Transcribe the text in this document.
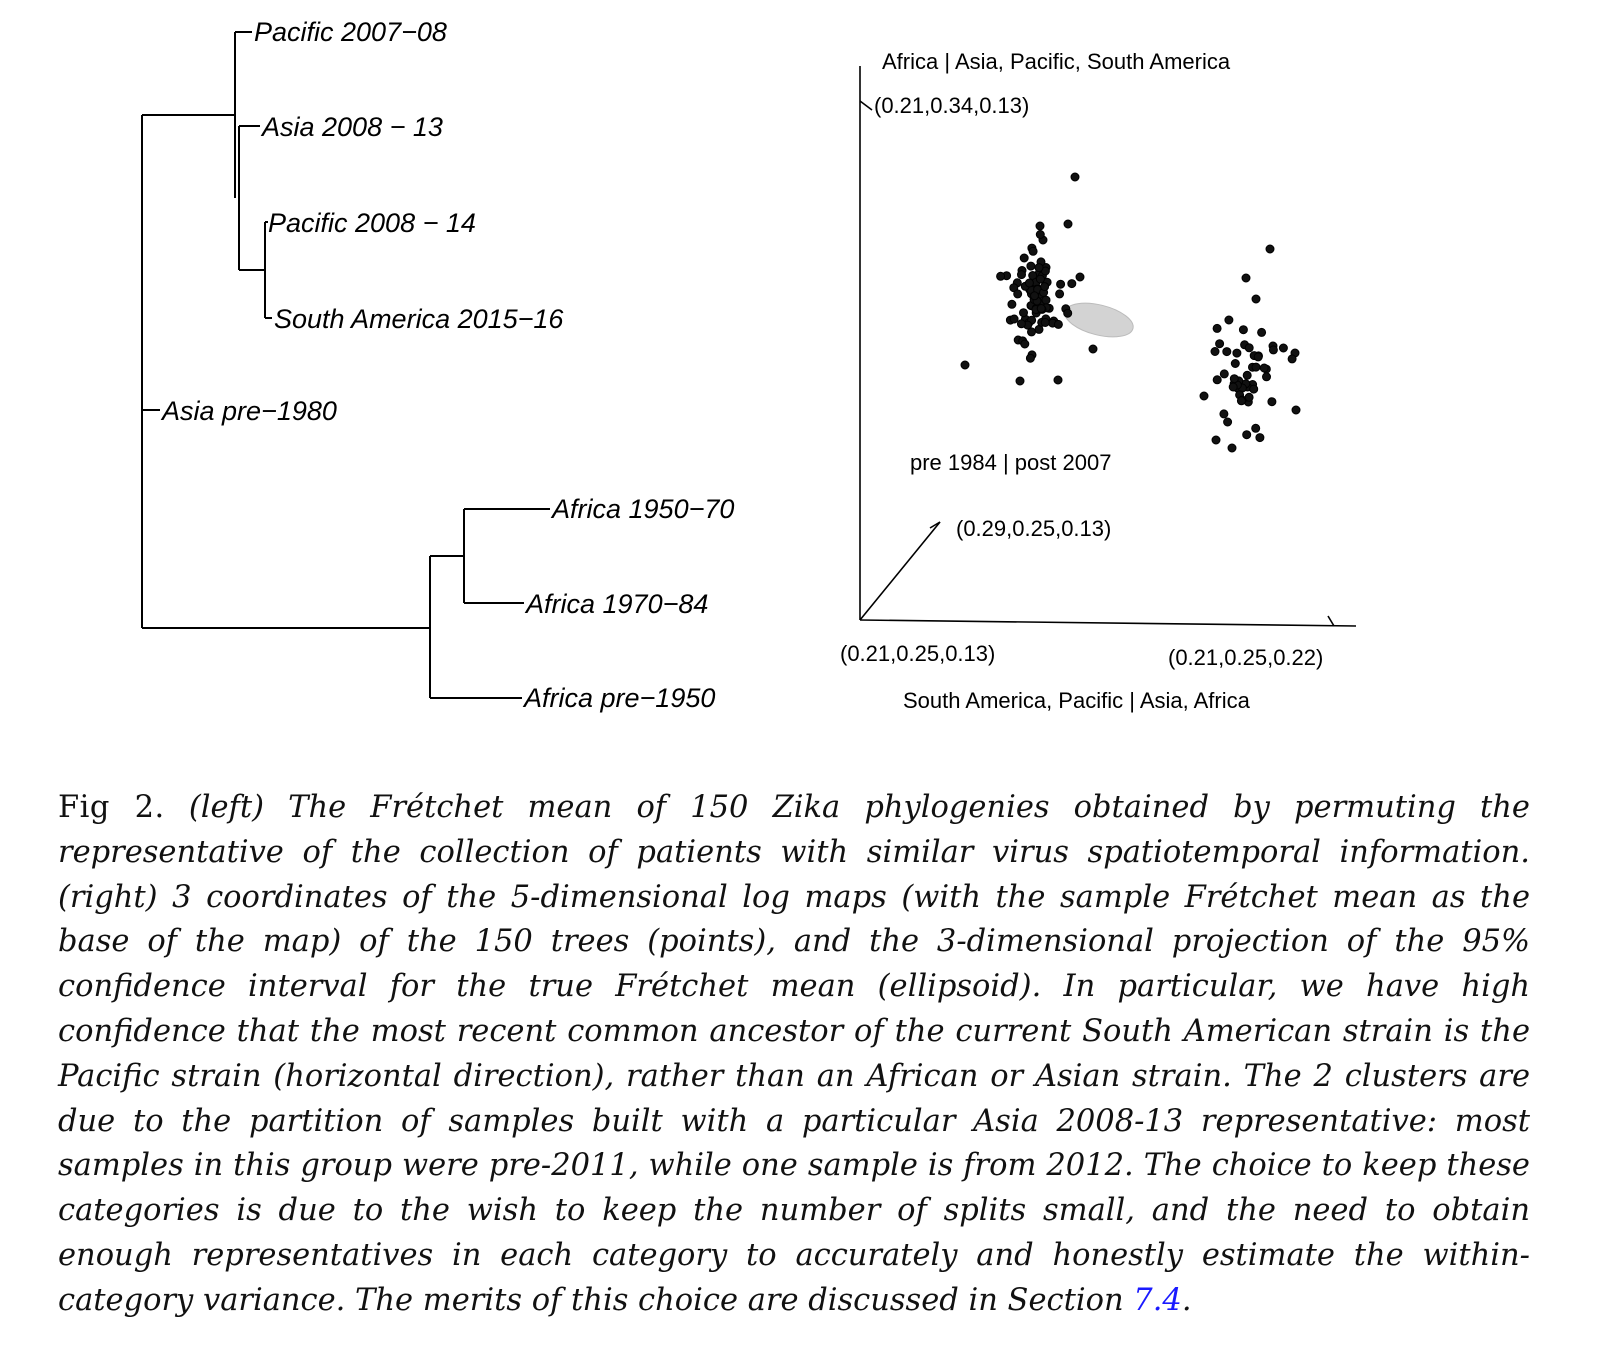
Pacific 2007−08
Asia 2008 − 13
Pacific 2008 − 14
South America 2015−16
Asia pre−1980
Africa 1950−70
Africa 1970−84
Africa pre−1950
Africa | Asia, Pacific, South America
(0.21,0.34,0.13)
pre 1984 | post 2007
(0.29,0.25,0.13)
(0.21,0.25,0.13)	(0.21,0.25,0.22)
South America, Pacific | Asia, Africa

Fig 2. (left) The Frétchet mean of 150 Zika phylogenies obtained by permuting the representative of the collection of patients with similar virus spatiotemporal information. (right) 3 coordinates of the 5-dimensional log maps (with the sample Frétchet mean as the base of the map) of the 150 trees (points), and the 3-dimensional projection of the 95% confidence interval for the true Frétchet mean (ellipsoid). In particular, we have high confidence that the most recent common ancestor of the current South American strain is the Pacific strain (horizontal direction), rather than an African or Asian strain. The 2 clusters are due to the partition of samples built with a particular Asia 2008-13 representative: most samples in this group were pre-2011, while one sample is from 2012. The choice to keep these categories is due to the wish to keep the number of splits small, and the need to obtain enough representatives in each category to accurately and honestly estimate the within-category variance. The merits of this choice are discussed in Section 7.4.
